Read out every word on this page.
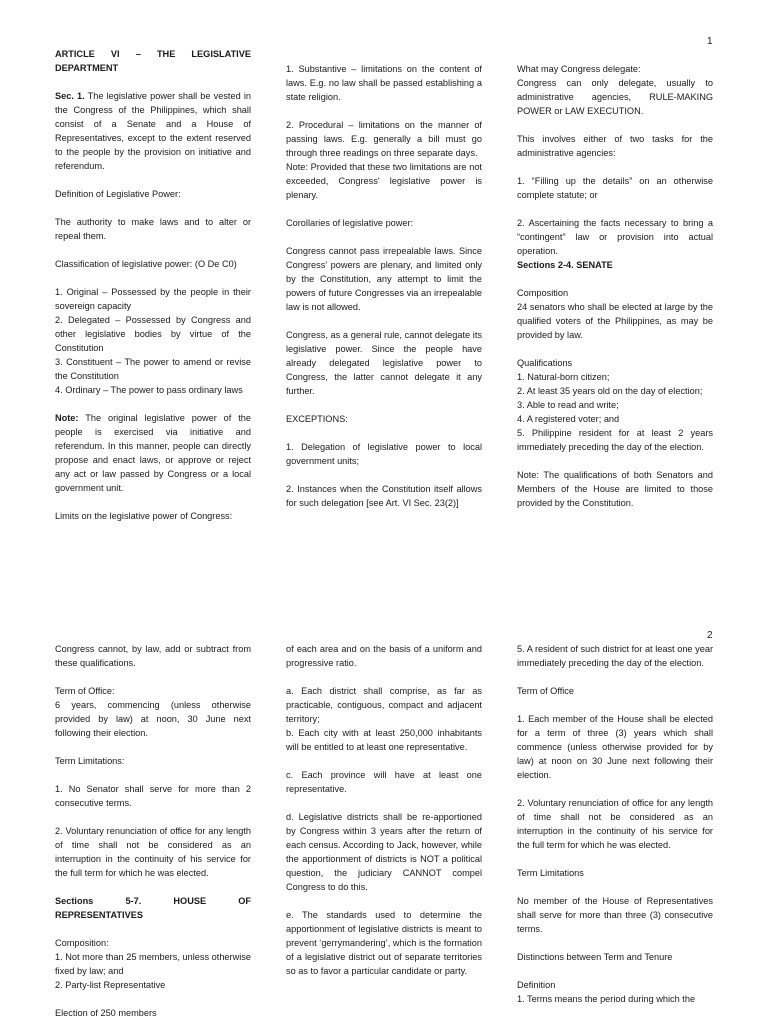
1

ARTICLE VI – THE LEGISLATIVE DEPARTMENT

Sec. 1. The legislative power shall be vested in the Congress of the Philippines, which shall consist of a Senate and a House of Representatives, except to the extent reserved to the people by the provision on initiative and referendum.

Definition of Legislative Power:

The authority to make laws and to alter or repeal them.

Classification of legislative power: (O De C0)

1. Original – Possessed by the people in their sovereign capacity

2. Delegated – Possessed by Congress and other legislative bodies by virtue of the Constitution

3. Constituent – The power to amend or revise the Constitution

4. Ordinary – The power to pass ordinary laws

Note: The original legislative power of the people is exercised via initiative and referendum. In this manner, people can directly propose and enact laws, or approve or reject any act or law passed by Congress or a local government unit.

Limits on the legislative power of Congress:

1. Substantive – limitations on the content of laws. E.g. no law shall be passed establishing a state religion.

2. Procedural – limitations on the manner of passing laws. E.g. generally a bill must go through three readings on three separate days.

Note: Provided that these two limitations are not exceeded, Congress' legislative power is plenary.

Corollaries of legislative power:

Congress cannot pass irrepealable laws. Since Congress' powers are plenary, and limited only by the Constitution, any attempt to limit the powers of future Congresses via an irrepealable law is not allowed.

Congress, as a general rule, cannot delegate its legislative power. Since the people have already delegated legislative power to Congress, the latter cannot delegate it any further.

EXCEPTIONS:

1. Delegation of legislative power to local government units;

2. Instances when the Constitution itself allows for such delegation [see Art. VI Sec. 23(2)]

What may Congress delegate:

Congress can only delegate, usually to administrative agencies, RULE-MAKING POWER or LAW EXECUTION.

This involves either of two tasks for the administrative agencies:

1. “Filling up the details” on an otherwise complete statute; or

2. Ascertaining the facts necessary to bring a “contingent” law or provision into actual operation.

Sections 2-4. SENATE

Composition

24 senators who shall be elected at large by the qualified voters of the Philippines, as may be provided by law.

Qualifications

1. Natural-born citizen;

2. At least 35 years old on the day of election;

3. Able to read and write;

4. A registered voter; and

5. Philippine resident for at least 2 years immediately preceding the day of the election.

Note: The qualifications of both Senators and Members of the House are limited to those provided by the Constitution.

2

Congress cannot, by law, add or subtract from these qualifications.

Term of Office:

6 years, commencing (unless otherwise provided by law) at noon, 30 June next following their election.

Term Limitations:

1. No Senator shall serve for more than 2 consecutive terms.

2. Voluntary renunciation of office for any length of time shall not be considered as an interruption in the continuity of his service for the full term for which he was elected.

Sections 5-7. HOUSE OF REPRESENTATIVES

Composition:

1. Not more than 25 members, unless otherwise fixed by law; and

2. Party-list Representative

Election of 250 members

of each area and on the basis of a uniform and progressive ratio.

a. Each district shall comprise, as far as practicable, contiguous, compact and adjacent territory;

b. Each city with at least 250,000 inhabitants will be entitled to at least one representative.

c. Each province will have at least one representative.

d. Legislative districts shall be re-apportioned by Congress within 3 years after the return of each census. According to Jack, however, while the apportionment of districts is NOT a political question, the judiciary CANNOT compel Congress to do this.

e. The standards used to determine the apportionment of legislative districts is meant to prevent ‘gerrymandering’, which is the formation of a legislative district out of separate territories so as to favor a particular candidate or party.

5. A resident of such district for at least one year immediately preceding the day of the election.

Term of Office

1. Each member of the House shall be elected for a term of three (3) years which shall commence (unless otherwise provided for by law) at noon on 30 June next following their election.

2. Voluntary renunciation of office for any length of time shall not be considered as an interruption in the continuity of his service for the full term for which he was elected.

Term Limitations

No member of the House of Representatives shall serve for more than three (3) consecutive terms.

Distinctions between Term and Tenure

Definition

1. Terms means the period during which the
